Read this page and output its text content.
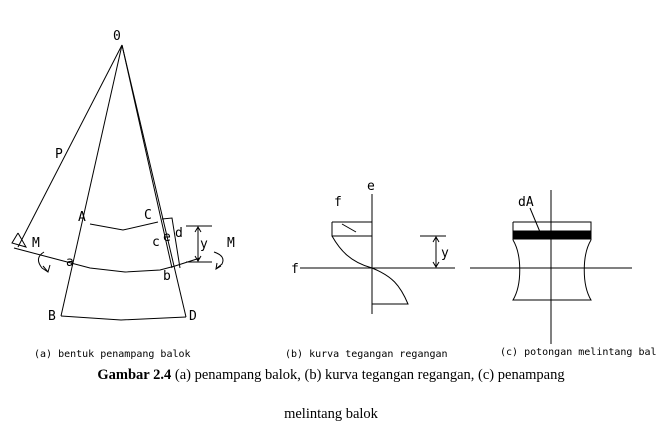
0
P
A	C
c e d
y
M	M
a
b
B	D
e
f
f
y
dA
(a) bentuk penampang balok	(b) kurva tegangan regangan	(c) potongan melintang bal
Gambar 2.4 (a) penampang balok, (b) kurva tegangan regangan, (c) penampang
melintang balok
